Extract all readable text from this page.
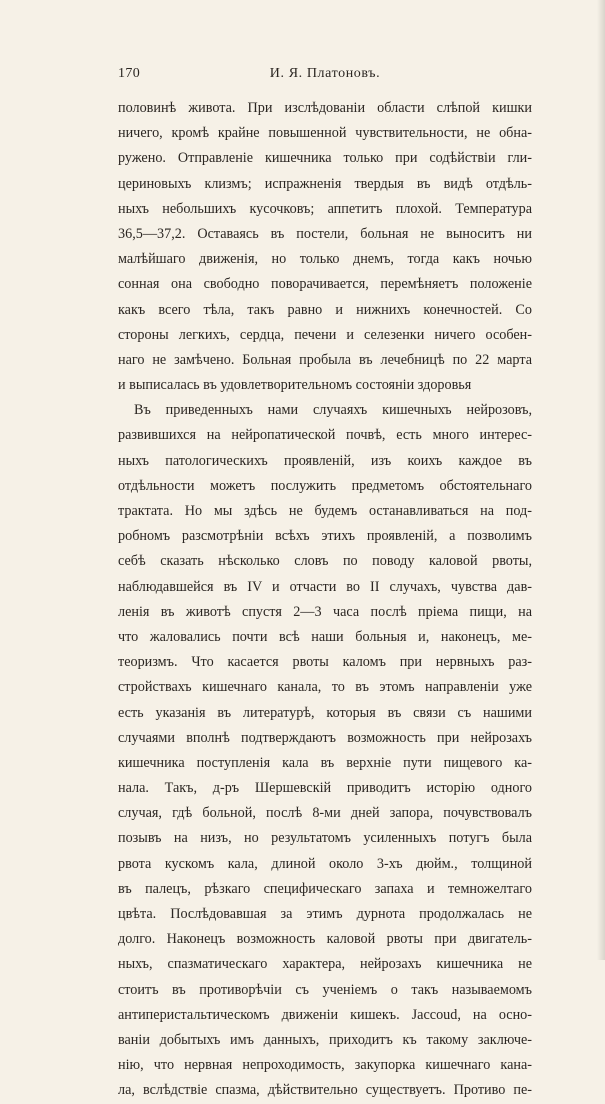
170	И. Я. Платоновъ.
половинѣ живота. При изслѣдованіи области слѣпой кишки
ничего, кромѣ крайне повышенной чувствительности, не обна-
ружено. Отправленіе кишечника только при содѣйствіи гли-
цериновыхъ клизмъ; испражненія твердыя въ видѣ отдѣль-
ныхъ небольшихъ кусочковъ; аппетитъ плохой. Температура
36,5—37,2. Оставаясь въ постели, больная не выноситъ ни
малѣйшаго движенія, но только днемъ, тогда какъ ночью
сонная она свободно поворачивается, перемѣняетъ положеніе
какъ всего тѣла, такъ равно и нижнихъ конечностей. Со
стороны легкихъ, сердца, печени и селезенки ничего особен-
наго не замѣчено. Больная пробыла въ лечебницѣ по 22 марта
и выписалась въ удовлетворительномъ состояніи здоровья
Въ приведенныхъ нами случаяхъ кишечныхъ нейрозовъ,
развившихся на нейропатической почвѣ, есть много интерес-
ныхъ патологическихъ проявленій, изъ коихъ каждое въ
отдѣльности можетъ послужить предметомъ обстоятельнаго
трактата. Но мы здѣсь не будемъ останавливаться на под-
робномъ разсмотрѣніи всѣхъ этихъ проявленій, а позволимъ
себѣ сказать нѣсколько словъ по поводу каловой рвоты,
наблюдавшейся въ IV и отчасти во II случахъ, чувства дав-
ленія въ животѣ спустя 2—3 часа послѣ пріема пищи, на
что жаловались почти всѣ наши больныя и, наконецъ, ме-
теоризмъ. Что касается рвоты каломъ при нервныхъ раз-
стройствахъ кишечнаго канала, то въ этомъ направленіи уже
есть указанія въ литературѣ, которыя въ связи съ нашими
случаями вполнѣ подтверждаютъ возможность при нейрозахъ
кишечника поступленія кала въ верхніе пути пищевого ка-
нала. Такъ, д-ръ Шершевскій приводитъ исторію одного
случая, гдѣ больной, послѣ 8-ми дней запора, почувствовалъ
позывъ на низъ, но результатомъ усиленныхъ потугъ была
рвота кускомъ кала, длиной около 3-хъ дюйм., толщиной
въ палецъ, рѣзкаго специфическаго запаха и темножелтаго
цвѣта. Послѣдовавшая за этимъ дурнота продолжалась не
долго. Наконецъ возможность каловой рвоты при двигатель-
ныхъ, спазматическаго характера, нейрозахъ кишечника не
стоитъ въ противорѣчіи съ ученіемъ о такъ называемомъ
антиперистальтическомъ движеніи кишекъ. Jaccoud, на осно-
ваніи добытыхъ имъ данныхъ, приходитъ къ такому заключе-
нію, что нервная непроходимость, закупорка кишечнаго кана-
ла, вслѣдствіе спазма, дѣйствительно существуетъ. Противо пе-
